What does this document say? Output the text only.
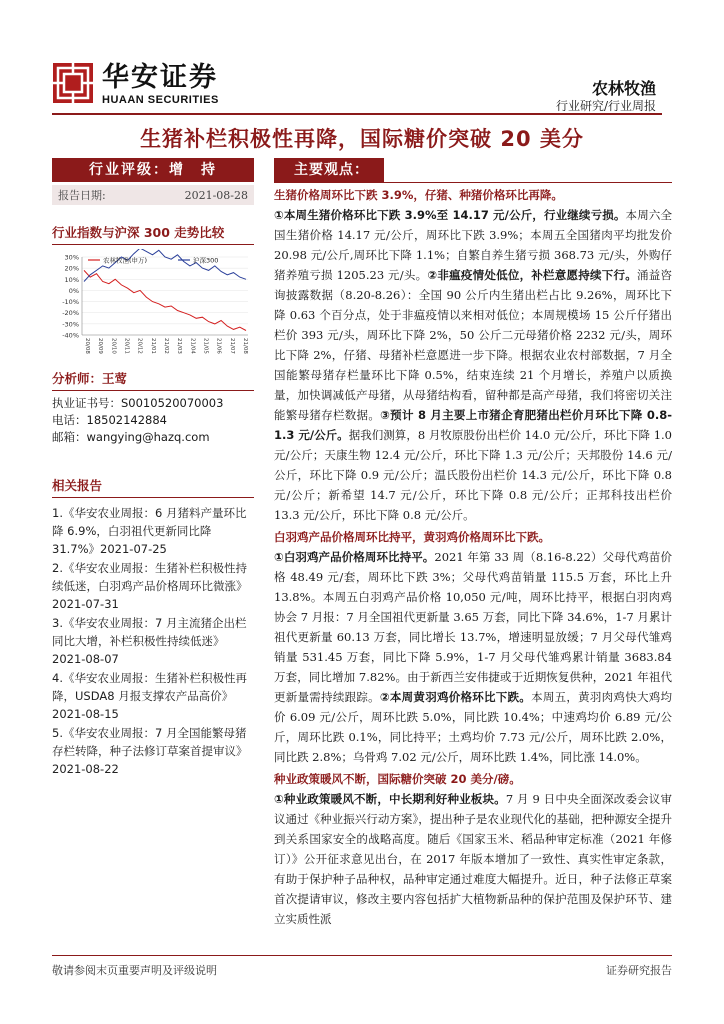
华安证券
HUAAN SECURITIES
农林牧渔
行业研究/行业周报
生猪补栏积极性再降，国际糖价突破 20 美分
行业评级：增　持
报告日期:	2021-08-28
行业指数与沪深 300 走势比较
30%
20%
10%
0%
-10%
-20%
-30%
-40%
20/08 20/09 20/10 20/11 20/12 21/01 21/02 21/03 21/04 21/05 21/06 21/07 21/08
农林牧渔(申万)	沪深300
分析师：王莺
执业证书号：S0010520070003
电话：18502142884
邮箱：wangying@hazq.com
相关报告
1.《华安农业周报：6 月猪料产量环比降 6.9%，白羽祖代更新同比降 31.7%》2021-07-25
2.《华安农业周报：生猪补栏积极性持续低迷，白羽鸡产品价格周环比微涨》2021-07-31
3.《华安农业周报：7 月主流猪企出栏同比大增，补栏积极性持续低迷》2021-08-07
4.《华安农业周报：生猪补栏积极性再降，USDA8 月报支撑农产品高价》2021-08-15
5.《华安农业周报：7 月全国能繁母猪存栏转降，种子法修订草案首提审议》2021-08-22
主要观点：
生猪价格周环比下跌 3.9%，仔猪、种猪价格环比再降。
①本周生猪价格环比下跌 3.9%至 14.17 元/公斤，行业继续亏损。本周六全国生猪价格 14.17 元/公斤，周环比下跌 3.9%；本周五全国猪肉平均批发价 20.98 元/公斤,周环比下降 1.1%；自繁自养生猪亏损 368.73 元/头，外购仔猪养殖亏损 1205.23 元/头。②非瘟疫情处低位，补栏意愿持续下行。涌益咨询披露数据（8.20-8.26）：全国 90 公斤内生猪出栏占比 9.26%，周环比下降 0.63 个百分点，处于非瘟疫情以来相对低位；本周规模场 15 公斤仔猪出栏价 393 元/头，周环比下降 2%，50 公斤二元母猪价格 2232 元/头，周环比下降 2%，仔猪、母猪补栏意愿进一步下降。根据农业农村部数据，7 月全国能繁母猪存栏量环比下降 0.5%，结束连续 21 个月增长，养殖户以质换量，加快调减低产母猪，从母猪结构看，留种都是高产母猪，我们将密切关注能繁母猪存栏数据。③预计 8 月主要上市猪企育肥猪出栏价月环比下降 0.8-1.3 元/公斤。据我们测算，8 月牧原股份出栏价 14.0 元/公斤，环比下降 1.0 元/公斤；天康生物 12.4 元/公斤，环比下降 1.3 元/公斤；天邦股份 14.6 元/公斤，环比下降 0.9 元/公斤；温氏股份出栏价 14.3 元/公斤，环比下降 0.8 元/公斤；新希望 14.7 元/公斤，环比下降 0.8 元/公斤；正邦科技出栏价 13.3 元/公斤，环比下降 0.8 元/公斤。
白羽鸡产品价格周环比持平，黄羽鸡价格周环比下跌。
①白羽鸡产品价格周环比持平。2021 年第 33 周（8.16-8.22）父母代鸡苗价格 48.49 元/套，周环比下跌 3%；父母代鸡苗销量 115.5 万套，环比上升 13.8%。本周五白羽鸡产品价格 10,050 元/吨，周环比持平，根据白羽肉鸡协会 7 月报：7 月全国祖代更新量 3.65 万套，同比下降 34.6%，1-7 月累计祖代更新量 60.13 万套，同比增长 13.7%，增速明显放缓；7 月父母代雏鸡销量 531.45 万套，同比下降 5.9%，1-7 月父母代雏鸡累计销量 3683.84 万套，同比增加 7.82%。由于新西兰安伟捷或于近期恢复供种，2021 年祖代更新量需持续跟踪。②本周黄羽鸡价格环比下跌。本周五，黄羽肉鸡快大鸡均价 6.09 元/公斤，周环比跌 5.0%，同比跌 10.4%；中速鸡均价 6.89 元/公斤，周环比跌 0.1%，同比持平；土鸡均价 7.73 元/公斤，周环比跌 2.0%，同比跌 2.8%；乌骨鸡 7.02 元/公斤，周环比跌 1.4%，同比涨 14.0%。
种业政策暖风不断，国际糖价突破 20 美分/磅。
①种业政策暖风不断，中长期利好种业板块。7 月 9 日中央全面深改委会议审议通过《种业振兴行动方案》，提出种子是农业现代化的基础，把种源安全提升到关系国家安全的战略高度。随后《国家玉米、稻品种审定标准（2021 年修订）》公开征求意见出台，在 2017 年版本增加了一致性、真实性审定条款，有助于保护种子品种权，品种审定通过难度大幅提升。近日，种子法修正草案首次提请审议，修改主要内容包括扩大植物新品种的保护范围及保护环节、建立实质性派
敬请参阅末页重要声明及评级说明	证券研究报告
